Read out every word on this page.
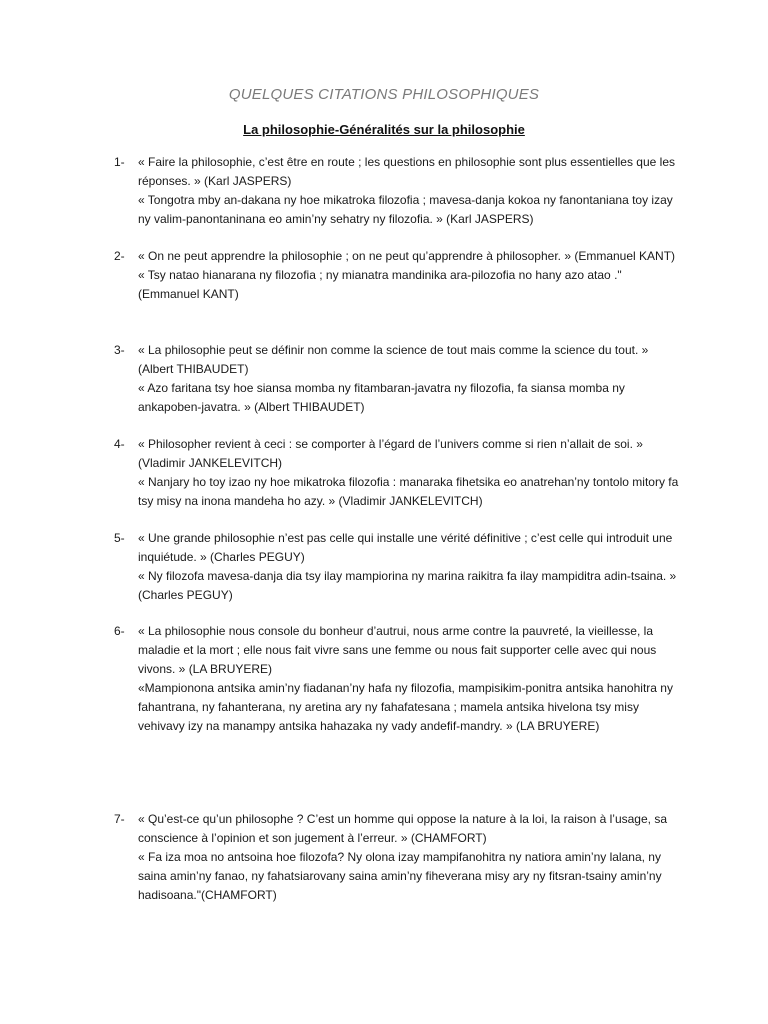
QUELQUES CITATIONS PHILOSOPHIQUES
La philosophie-Généralités sur la philosophie
1-	« Faire la philosophie, c’est être en route ; les questions en philosophie sont plus essentielles que les réponses. » (Karl JASPERS)

« Tongotra mby an-dakana ny hoe mikatroka filozofia ; mavesa-danja kokoa ny fanontaniana toy izay ny valim-panontaninana eo amin’ny sehatry ny filozofia. » (Karl JASPERS)

2-	« On ne peut apprendre la philosophie ; on ne peut qu’apprendre à philosopher. » (Emmanuel KANT)

« Tsy natao hianarana ny filozofia ; ny mianatra mandinika ara-pilozofia no hany azo atao ." (Emmanuel KANT)

3-	« La philosophie peut se définir non comme la science de tout mais comme la science du tout. » (Albert THIBAUDET)

« Azo faritana tsy hoe siansa momba ny fitambaran-javatra ny filozofia, fa siansa momba ny ankapoben-javatra. » (Albert THIBAUDET)

4-	« Philosopher revient à ceci : se comporter à l’égard de l’univers comme si rien n’allait de soi. » (Vladimir JANKELEVITCH)

« Nanjary ho toy izao ny hoe mikatroka filozofia : manaraka fihetsika eo anatrehan’ny tontolo mitory fa tsy misy na inona mandeha ho azy. » (Vladimir JANKELEVITCH)

5-	« Une grande philosophie n’est pas celle qui installe une vérité définitive ; c’est celle qui introduit une inquiétude. » (Charles PEGUY)

« Ny filozofa mavesa-danja dia tsy ilay mampiorina ny marina raikitra fa ilay mampiditra adin-tsaina. » (Charles PEGUY)

6-	« La philosophie nous console du bonheur d’autrui, nous arme contre la pauvreté, la vieillesse, la maladie et la mort ; elle nous fait vivre sans une femme ou nous fait supporter celle avec qui nous vivons. » (LA BRUYERE)

«Mampionona antsika amin’ny fiadanan’ny hafa ny filozofia, mampisikim-ponitra antsika hanohitra ny fahantrana, ny fahanterana, ny aretina ary ny fahafatesana ; mamela antsika hivelona tsy misy vehivavy izy na manampy antsika hahazaka ny vady andefif-mandry. » (LA BRUYERE)

7-	« Qu’est-ce qu’un philosophe ? C’est un homme qui oppose la nature à la loi, la raison à l’usage, sa conscience à l’opinion et son jugement à l’erreur. » (CHAMFORT)

« Fa iza moa no antsoina hoe filozofa? Ny olona izay mampifanohitra ny natiora amin’ny lalana, ny saina amin’ny fanao, ny fahatsiarovany saina amin’ny fiheverana misy ary ny fitsran-tsainy amin’ny hadisoana."(CHAMFORT)
